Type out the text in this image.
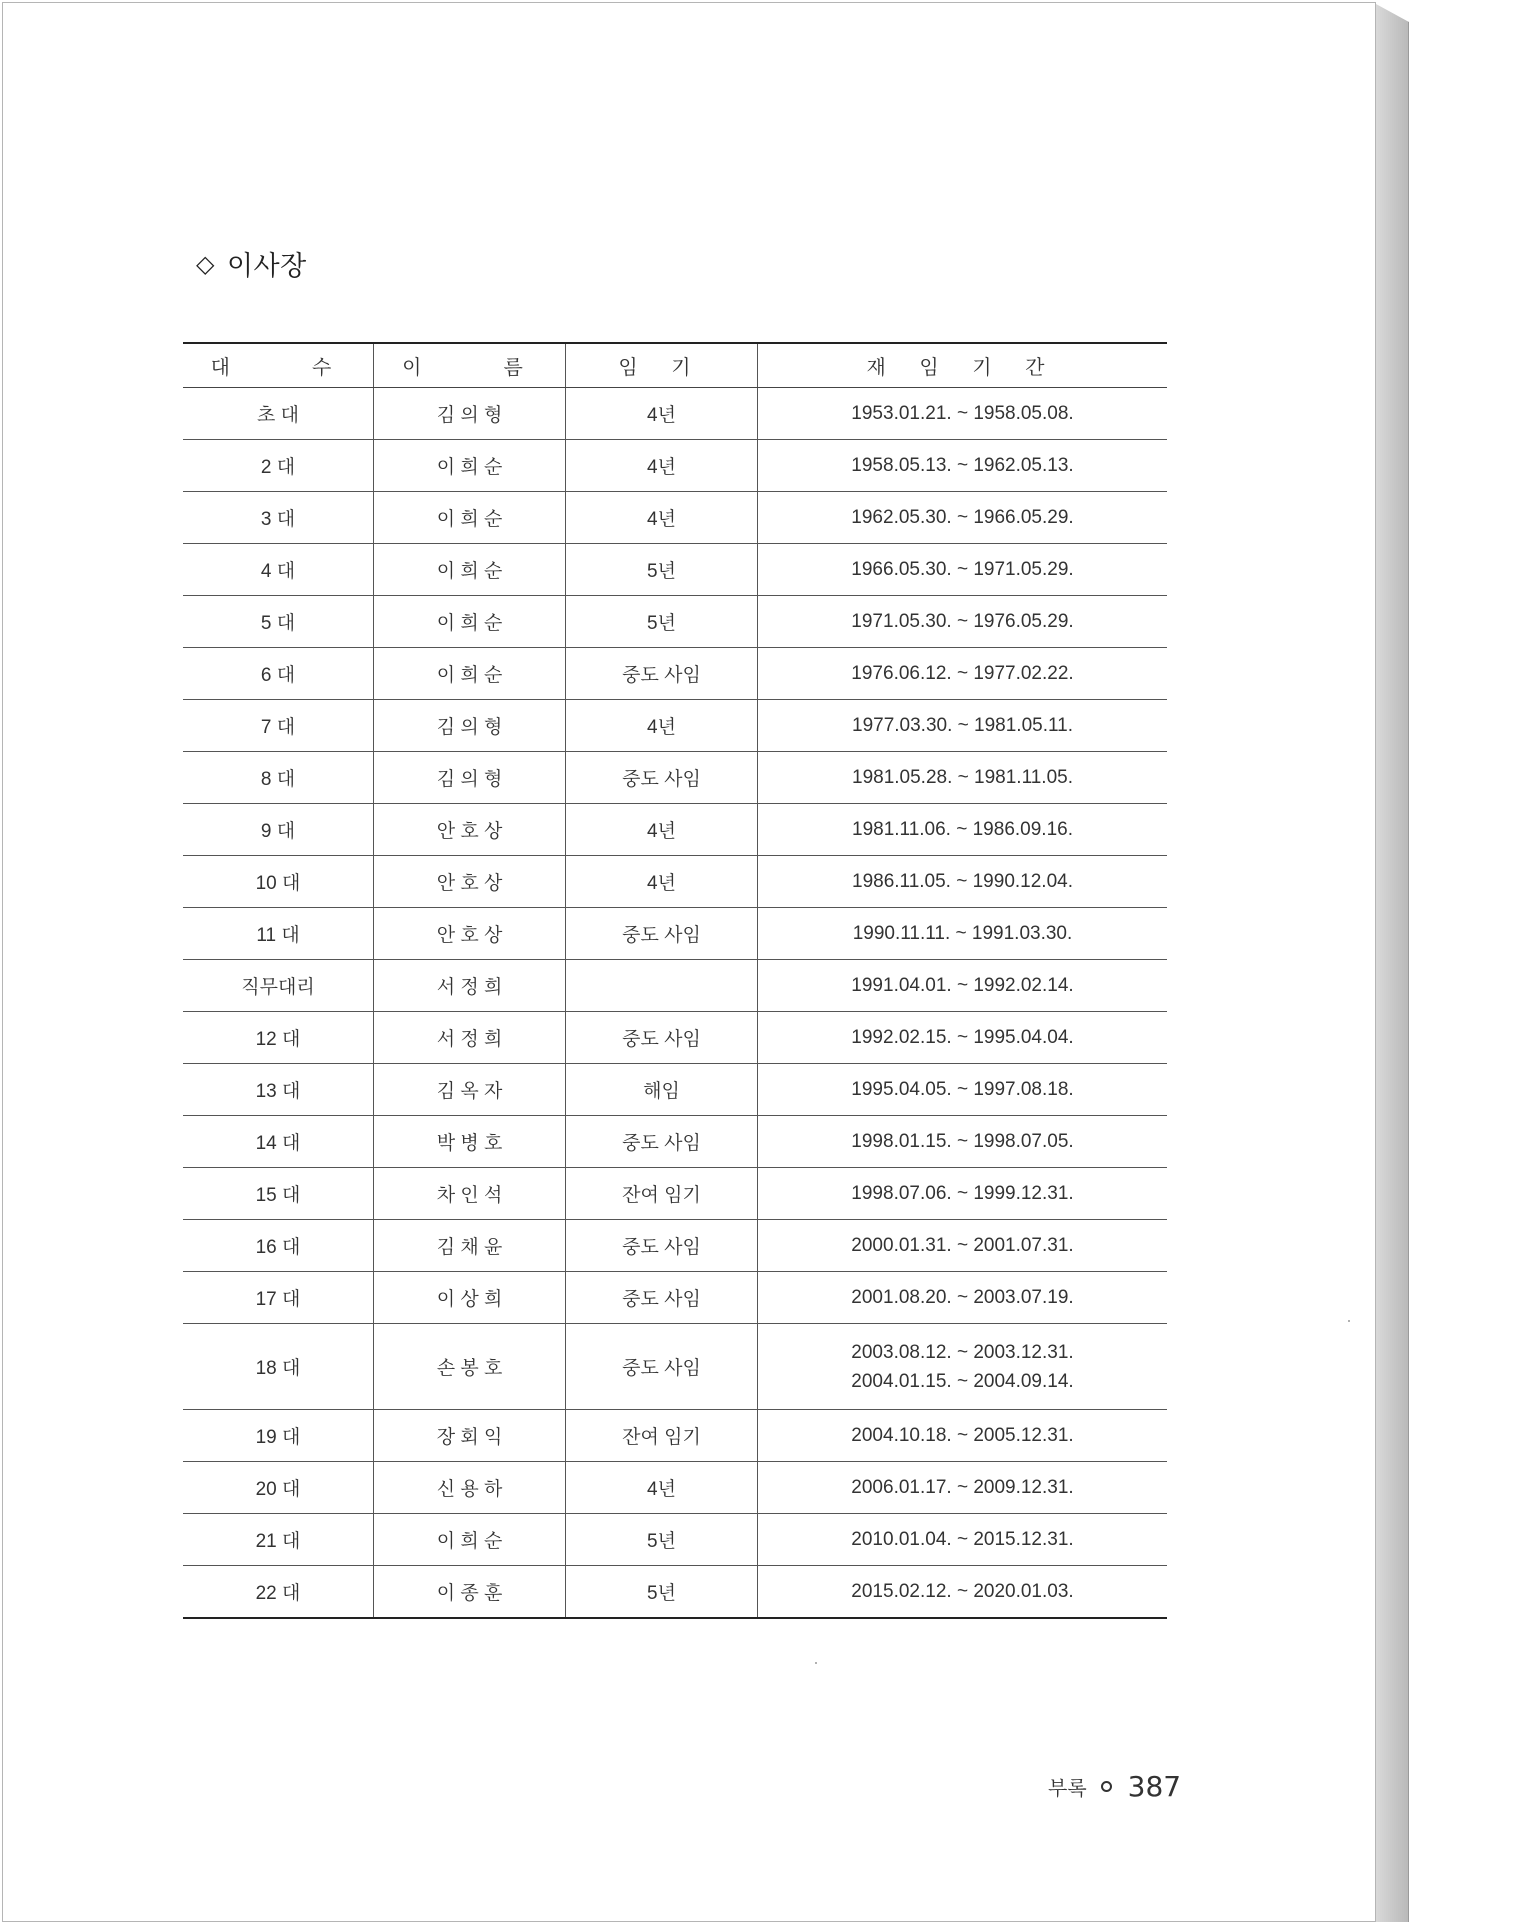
◇ 이사장
대　　수	이　　름	임 기	재 임 기 간
초 대	김 의 형	4년	1953.01.21. ~ 1958.05.08.

2 대	이 희 순	4년	1958.05.13. ~ 1962.05.13.

3 대	이 희 순	4년	1962.05.30. ~ 1966.05.29.

4 대	이 희 순	5년	1966.05.30. ~ 1971.05.29.

5 대	이 희 순	5년	1971.05.30. ~ 1976.05.29.

6 대	이 희 순	중도 사임	1976.06.12. ~ 1977.02.22.

7 대	김 의 형	4년	1977.03.30. ~ 1981.05.11.

8 대	김 의 형	중도 사임	1981.05.28. ~ 1981.11.05.

9 대	안 호 상	4년	1981.11.06. ~ 1986.09.16.

10 대	안 호 상	4년	1986.11.05. ~ 1990.12.04.

11 대	안 호 상	중도 사임	1990.11.11. ~ 1991.03.30.

직무대리	서 정 희		1991.04.01. ~ 1992.02.14.

12 대	서 정 희	중도 사임	1992.02.15. ~ 1995.04.04.

13 대	김 옥 자	해임	1995.04.05. ~ 1997.08.18.

14 대	박 병 호	중도 사임	1998.01.15. ~ 1998.07.05.

15 대	차 인 석	잔여 임기	1998.07.06. ~ 1999.12.31.

16 대	김 채 윤	중도 사임	2000.01.31. ~ 2001.07.31.

17 대	이 상 희	중도 사임	2001.08.20. ~ 2003.07.19.

18 대	손 봉 호	중도 사임	2003.08.12. ~ 2003.12.31.
2004.01.15. ~ 2004.09.14.

19 대	장 회 익	잔여 임기	2004.10.18. ~ 2005.12.31.

20 대	신 용 하	4년	2006.01.17. ~ 2009.12.31.

21 대	이 희 순	5년	2010.01.04. ~ 2015.12.31.

22 대	이 종 훈	5년	2015.02.12. ~ 2020.01.03.
부록 387
